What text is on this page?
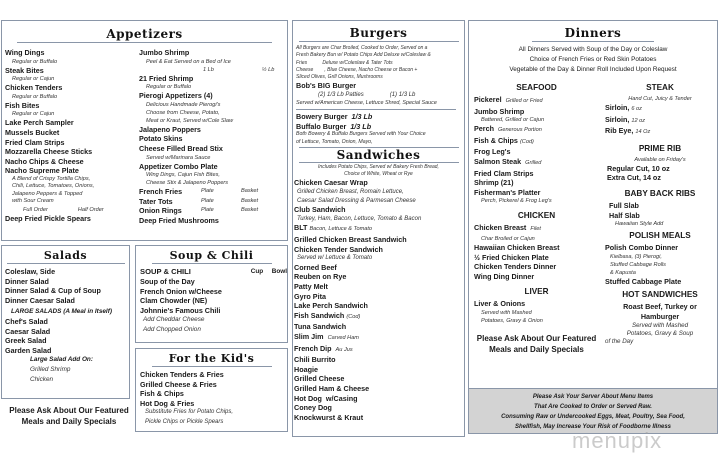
Appetizers
Wing Dings
Regular or Buffalo
Steak Bites
Regular or Cajun
Chicken Tenders
Regular or Buffalo
Fish Bites
Regular or Cajun
Lake Perch Sampler
Mussels Bucket
Fried Clam Strips
Mozzarella Cheese Sticks
Nacho Chips & Cheese
Nacho Supreme Plate
A Blend of Crispy Tortilla Chips,
Chili, Lettuce, Tomatoes, Onions,
Jalapeno Peppers & Topped
with Sour Cream
Full Order	Half Order
Deep Fried Pickle Spears
Jumbo Shrimp
Peel & Eat Served on a Bed of Ice
1 Lb	½ Lb
21 Fried Shrimp
Regular or Buffalo
Pierogi Appetizers (4)
Delicious Handmade Pierogi's
Choose from Cheese, Potato,
Meat or Kraut, Served w/Cole Slaw
Jalapeno Poppers
Potato Skins
Cheese Filled Bread Stix
Served w/Marinara Sauce
Appetizer Combo Plate
Wing Dings, Cajun Fish Bites,
Cheese Stix & Jalapeno Poppers
French Fries	Plate	Basket
Tater Tots	Plate	Basket
Onion Rings	Plate	Basket
Deep Fried Mushrooms
Salads
Coleslaw, Side
Dinner Salad
Dinner Salad & Cup of Soup
Dinner Caesar Salad
LARGE SALADS (A Meal in Itself)
Chef's Salad
Caesar Salad
Greek Salad
Garden Salad
Large Salad Add On:
Grilled Shrimp
Chicken
Please Ask About Our Featured
Meals and Daily Specials
Soup & Chili
SOUP & CHILI	Cup	Bowl
Soup of the Day
French Onion w/Cheese
Clam Chowder (NE)
Johnnie's Famous Chili
Add Cheddar Cheese
Add Chopped Onion
For the Kid's
Chicken Tenders & Fries
Grilled Cheese & Fries
Fish & Chips
Hot Dog & Fries
Substitute Fries for Potato Chips,
Pickle Chips or Pickle Spears
Burgers
All Burgers are Char Broiled, Cooked to Order, Served on a
Fresh Bakery Bun w/ Potato Chips Add Deluxe w/Coleslaw &
Fries           Deluxe w/Coleslaw & Tater Tots
Cheese        , Blue Cheese, Nacho Cheese or Bacon +
Sliced Olives, Grill Onions, Mushrooms
Bob's BIG Burger
(2) 1/3 Lb Patties	(1) 1/3 Lb
Served w/American Cheese, Lettuce Shred, Special Sauce
Bowery Burger 1/3 Lb
Buffalo Burger 1/3 Lb
Both Bowery & Buffalo Burgers Served with Your Choice
of Lettuce, Tomato, Onion, Mayo,
Sandwiches
Includes Potato Chips, Served w/ Bakery Fresh Bread,
Choice of White, Wheat or Rye
Chicken Caesar Wrap
Grilled Chicken Breast, Romain Lettuce,
Caesar Salad Dressing & Parmesan Cheese
Club Sandwich
Turkey, Ham, Bacon, Lettuce, Tomato & Bacon
BLT Bacon, Lettuce & Tomato
Grilled Chicken Breast Sandwich
Chicken Tender Sandwich
Served w/ Lettuce & Tomato
Corned Beef
Reuben on Rye
Patty Melt
Gyro Pita
Lake Perch Sandwich
Fish Sandwich (Cod)
Tuna Sandwich
Slim Jim Carved Ham
French Dip Au Jus
Chili Burrito
Hoagie
Grilled Cheese
Grilled Ham & Cheese
Hot Dog  w/Casing
Coney Dog
Knockwurst & Kraut
Dinners
All Dinners Served with Soup of the Day or Coleslaw
Choice of French Fries or Red Skin Potatoes
Vegetable of the Day & Dinner Roll Included Upon Request
SEAFOOD
Pickerel Grilled or Fried
Jumbo Shrimp
Battered, Grilled or Cajun
Perch Generous Portion
Fish & Chips (Cod)
Frog Leg's
Salmon Steak Grilled
Fried Clam Strips
Shrimp (21)
Fisherman's Platter
Perch, Pickerel & Frog Leg's
CHICKEN
Chicken Breast Filet
Char Broiled or Cajun
Hawaiian Chicken Breast
½ Fried Chicken Plate
Chicken Tenders Dinner
Wing Ding Dinner
LIVER
Liver & Onions
Served with Mashed
Potatoes, Gravy & Onion
Please Ask About Our Featured
Meals and Daily Specials
STEAK
Hand Cut, Juicy & Tender
Sirloin, 6 oz
Sirloin, 12 oz
Rib Eye, 14 Oz
PRIME RIB
Available on Friday's
Regular Cut, 10 oz
Extra Cut, 14 oz
BABY BACK RIBS
Full Slab
Half Slab
Hawaiian Style Add
POLISH MEALS
Polish Combo Dinner
Kielbasa, (3) Pierogi,
Stuffed Cabbage Rolls
& Kapusta
Stuffed Cabbage Plate
HOT SANDWICHES
Roast Beef, Turkey or
Hamburger
Served with Mashed
Potatoes, Gravy & Soup
of the Day
Please Ask Your Server About Menu Items
That Are Cooked to Order or Served Raw.
Consuming Raw or Undercooked Eggs, Meat, Poultry, Sea Food,
Shellfish, May Increase Your Risk of Foodborne Illness
menupix
